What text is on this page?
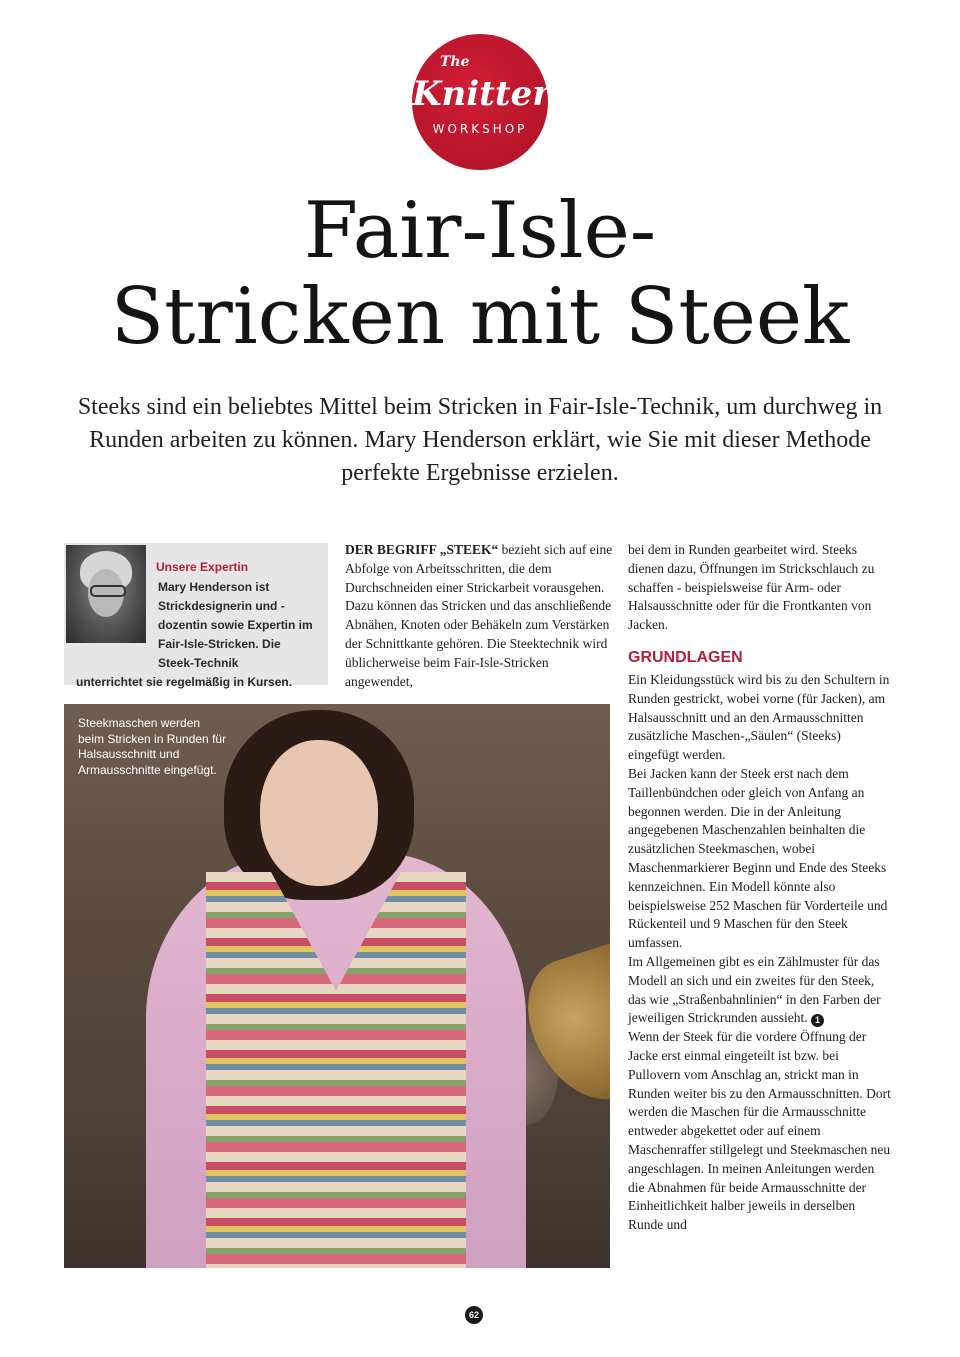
The
Knitter
WORKSHOP
Fair-Isle-
Stricken mit Steek

Steeks sind ein beliebtes Mittel beim Stricken in Fair-Isle-Technik, um durchweg in Runden arbeiten zu können. Mary Henderson erklärt, wie Sie mit dieser Methode perfekte Ergebnisse erzielen.

Unsere Expertin

Mary Henderson ist Strickdesignerin und -dozentin sowie Expertin im Fair-Isle-Stricken. Die Steek-Technik
unterrichtet sie regelmäßig in Kursen.

Steekmaschen werden beim Stricken in Runden für Halsausschnitt und Armausschnitte eingefügt.

DER BEGRIFF „STEEK“ bezieht sich auf eine Abfolge von Arbeitsschritten, die dem Durchschneiden einer Strickarbeit vorausgehen. Dazu können das Stricken und das anschließende Abnähen, Knoten oder Behäkeln zum Verstärken der Schnittkante gehören. Die Steektechnik wird üblicherweise beim Fair-Isle-Stricken angewendet,

bei dem in Runden gearbeitet wird. Steeks dienen dazu, Öffnungen im Strickschlauch zu schaffen - beispielsweise für Arm- oder Halsausschnitte oder für die Frontkanten von Jacken.

GRUNDLAGEN

Ein Kleidungsstück wird bis zu den Schultern in Runden gestrickt, wobei vorne (für Jacken), am Halsausschnitt und an den Armausschnitten zusätzliche Maschen-„Säulen“ (Steeks) eingefügt werden.

Bei Jacken kann der Steek erst nach dem Taillenbündchen oder gleich von Anfang an begonnen werden. Die in der Anleitung angegebenen Maschenzahlen beinhalten die zusätzlichen Steekmaschen, wobei Maschenmarkierer Beginn und Ende des Steeks kennzeichnen. Ein Modell könnte also beispielsweise 252 Maschen für Vorderteile und Rückenteil und 9 Maschen für den Steek umfassen.

Im Allgemeinen gibt es ein Zählmuster für das Modell an sich und ein zweites für den Steek, das wie „Straßenbahnlinien“ in den Farben der jeweiligen Strickrunden aussieht. 1

Wenn der Steek für die vordere Öffnung der Jacke erst einmal eingeteilt ist bzw. bei Pullovern vom Anschlag an, strickt man in Runden weiter bis zu den Armausschnitten. Dort werden die Maschen für die Armausschnitte entweder abgekettet oder auf einem Maschenraffer stillgelegt und Steekmaschen neu angeschlagen. In meinen Anleitungen werden die Abnahmen für beide Armausschnitte der Einheitlichkeit halber jeweils in derselben Runde und

62
